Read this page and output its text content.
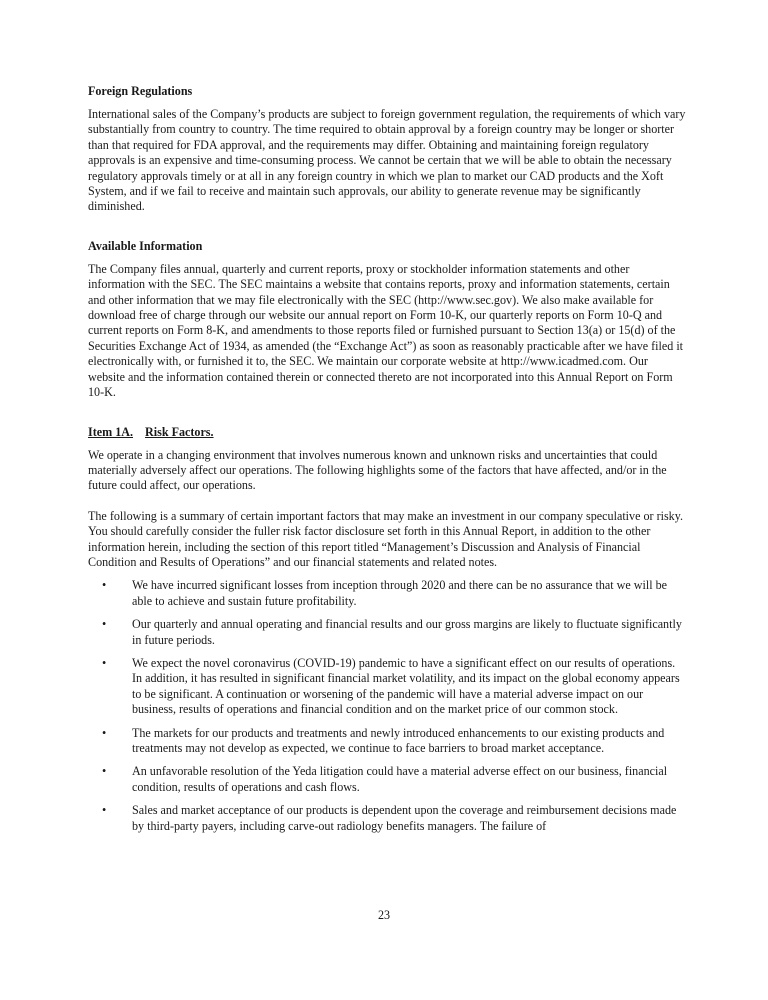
Foreign Regulations

International sales of the Company’s products are subject to foreign government regulation, the requirements of which vary substantially from country to country. The time required to obtain approval by a foreign country may be longer or shorter than that required for FDA approval, and the requirements may differ. Obtaining and maintaining foreign regulatory approvals is an expensive and time-consuming process. We cannot be certain that we will be able to obtain the necessary regulatory approvals timely or at all in any foreign country in which we plan to market our CAD products and the Xoft System, and if we fail to receive and maintain such approvals, our ability to generate revenue may be significantly diminished.

Available Information

The Company files annual, quarterly and current reports, proxy or stockholder information statements and other information with the SEC. The SEC maintains a website that contains reports, proxy and information statements, certain and other information that we may file electronically with the SEC (http://www.sec.gov). We also make available for download free of charge through our website our annual report on Form 10-K, our quarterly reports on Form 10-Q and current reports on Form 8-K, and amendments to those reports filed or furnished pursuant to Section 13(a) or 15(d) of the Securities Exchange Act of 1934, as amended (the “Exchange Act”) as soon as reasonably practicable after we have filed it electronically with, or furnished it to, the SEC. We maintain our corporate website at http://www.icadmed.com. Our website and the information contained therein or connected thereto are not incorporated into this Annual Report on Form 10-K.

Item 1A. Risk Factors.

We operate in a changing environment that involves numerous known and unknown risks and uncertainties that could materially adversely affect our operations. The following highlights some of the factors that have affected, and/or in the future could affect, our operations.

The following is a summary of certain important factors that may make an investment in our company speculative or risky. You should carefully consider the fuller risk factor disclosure set forth in this Annual Report, in addition to the other information herein, including the section of this report titled “Management’s Discussion and Analysis of Financial Condition and Results of Operations” and our financial statements and related notes.

• We have incurred significant losses from inception through 2020 and there can be no assurance that we will be able to achieve and sustain future profitability.
• Our quarterly and annual operating and financial results and our gross margins are likely to fluctuate significantly in future periods.
• We expect the novel coronavirus (COVID-19) pandemic to have a significant effect on our results of operations. In addition, it has resulted in significant financial market volatility, and its impact on the global economy appears to be significant. A continuation or worsening of the pandemic will have a material adverse impact on our business, results of operations and financial condition and on the market price of our common stock.
• The markets for our products and treatments and newly introduced enhancements to our existing products and treatments may not develop as expected, we continue to face barriers to broad market acceptance.
• An unfavorable resolution of the Yeda litigation could have a material adverse effect on our business, financial condition, results of operations and cash flows.
• Sales and market acceptance of our products is dependent upon the coverage and reimbursement decisions made by third-party payers, including carve-out radiology benefits managers. The failure of
23
